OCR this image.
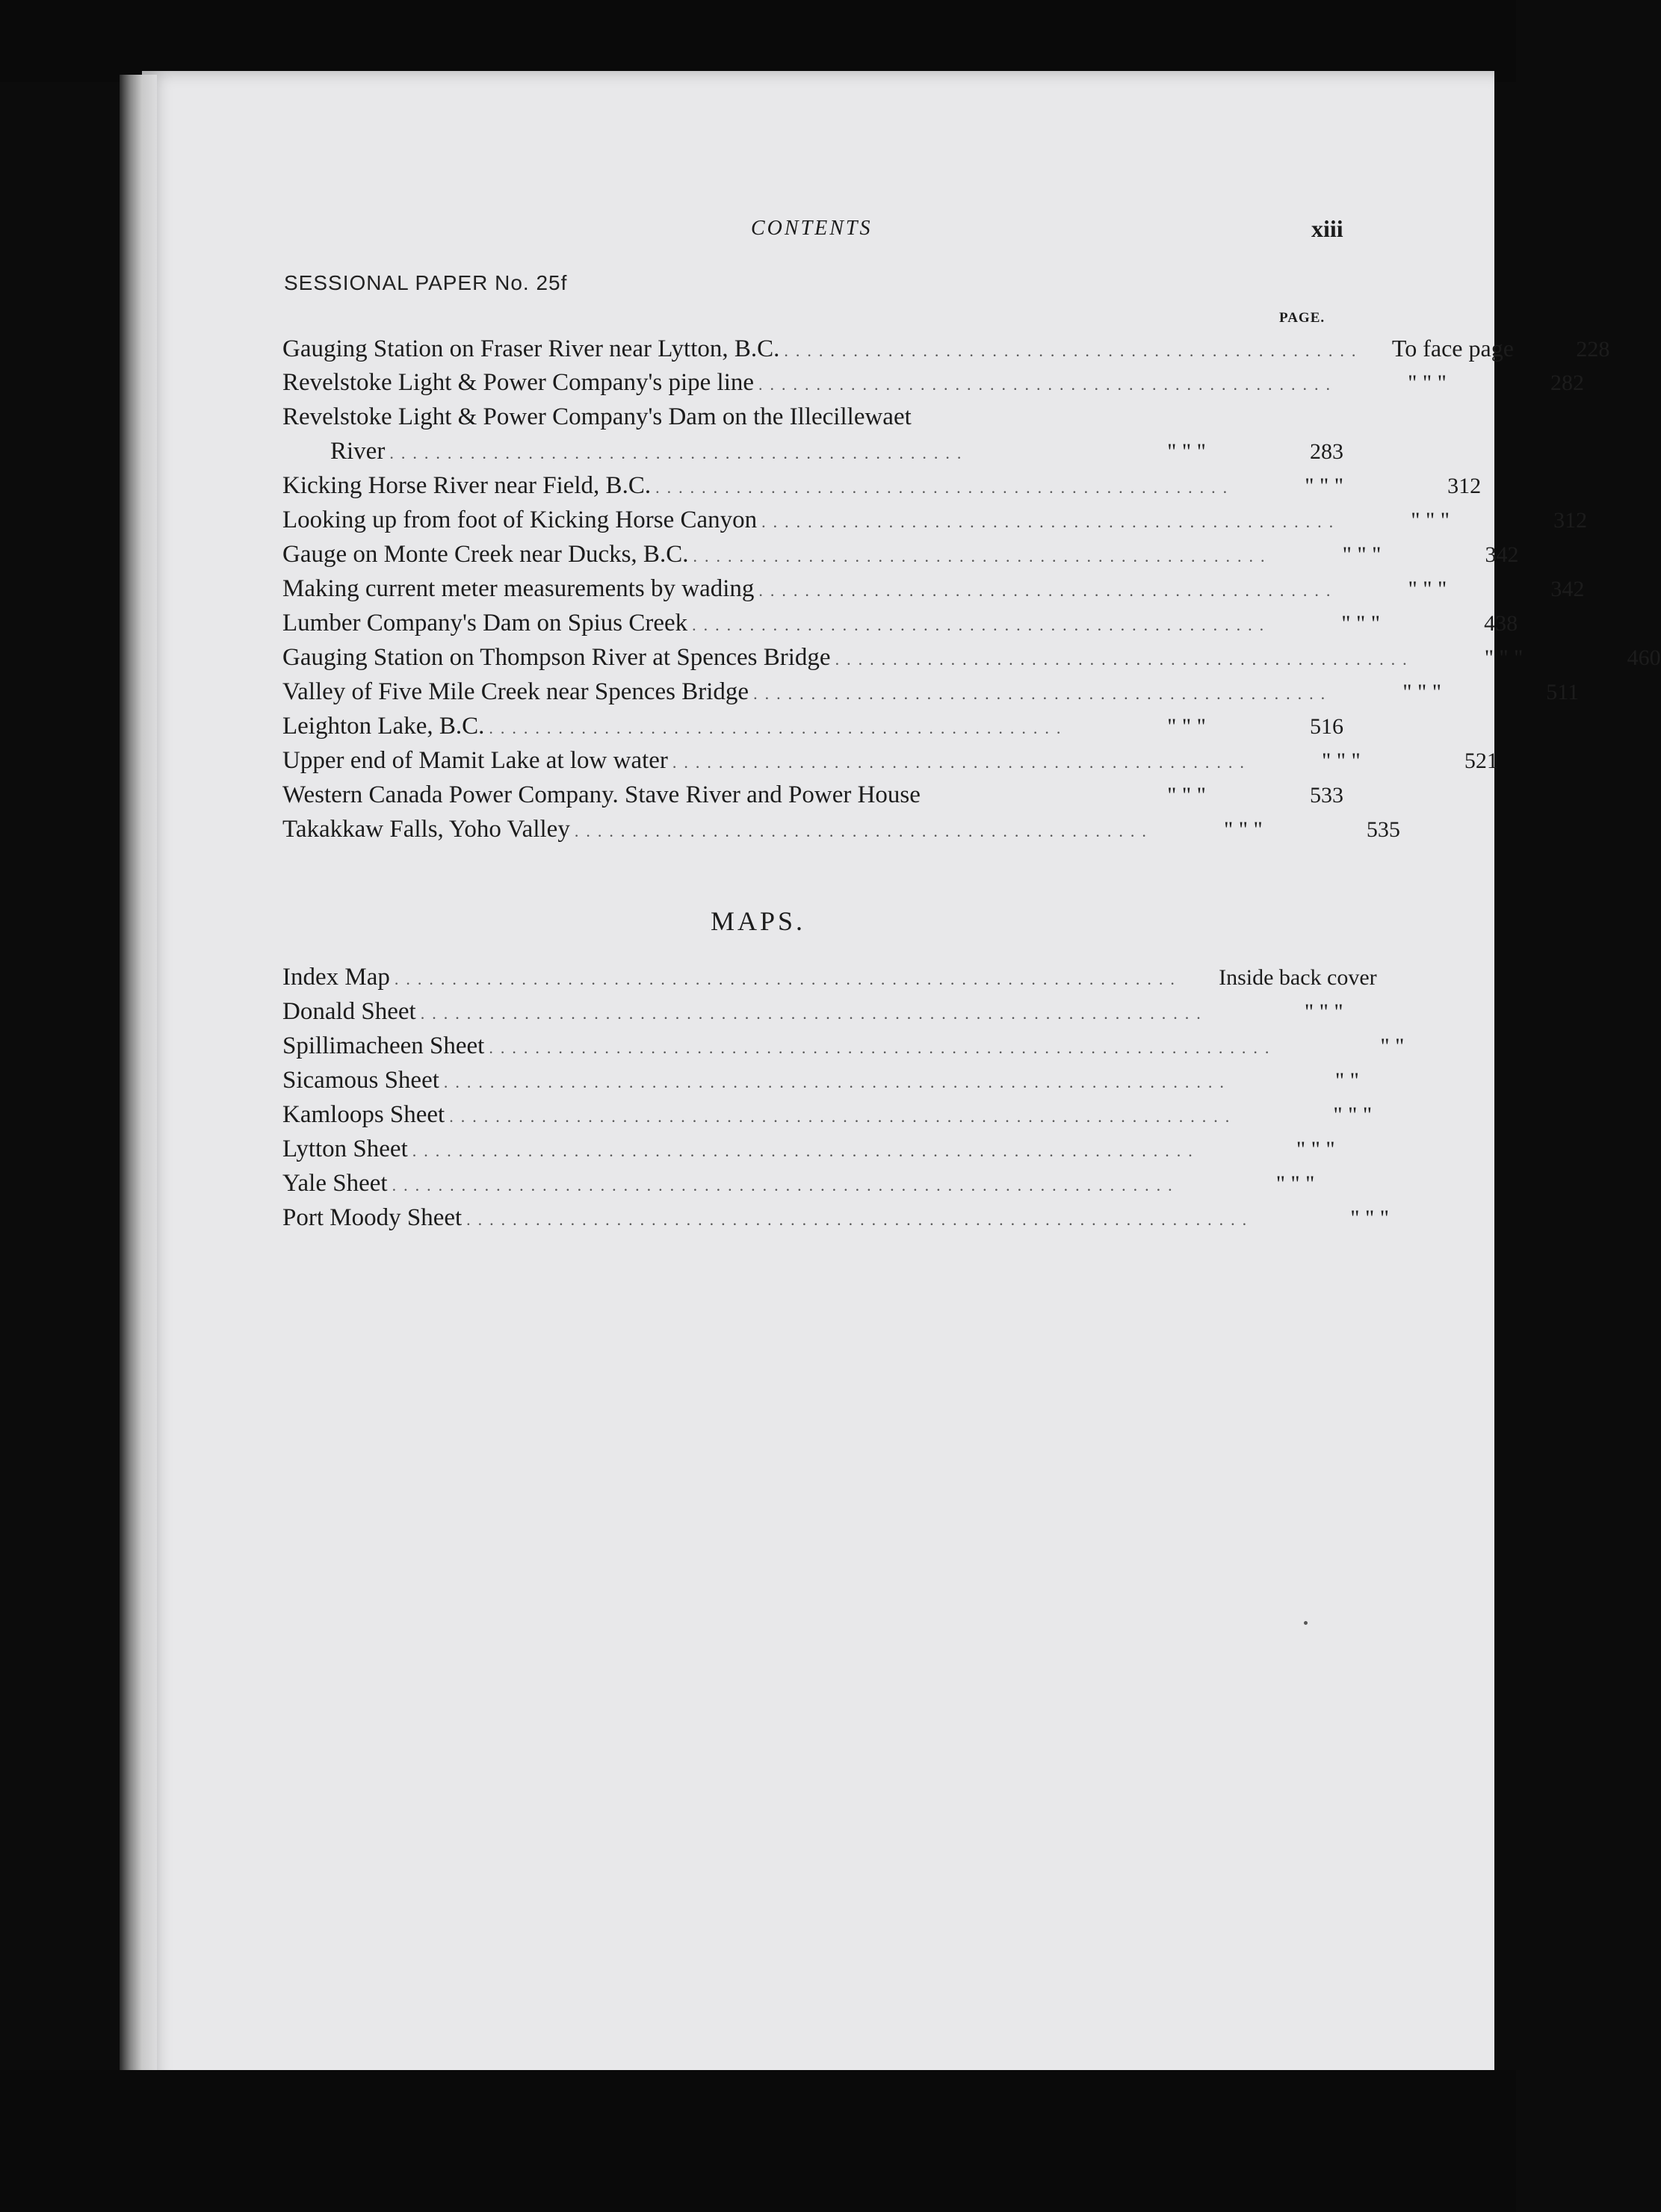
CONTENTS	xiii
SESSIONAL PAPER No. 25f
PAGE.
Gauging Station on Fraser River near Lytton, B.C. ..................................................	To face page	228
Revelstoke Light & Power Company's pipe line ..................................................	" " "	282
Revelstoke Light & Power Company's Dam on the Illecillewaet
River ..................................................	" " "	283
Kicking Horse River near Field, B.C. ..................................................	" " "	312
Looking up from foot of Kicking Horse Canyon ..................................................	" " "	312
Gauge on Monte Creek near Ducks, B.C. ..................................................	" " "	342
Making current meter measurements by wading ..................................................	" " "	342
Lumber Company's Dam on Spius Creek ..................................................	" " "	438
Gauging Station on Thompson River at Spences Bridge ..................................................	" " "	460
Valley of Five Mile Creek near Spences Bridge ..................................................	" " "	511
Leighton Lake, B.C. ..................................................	" " "	516
Upper end of Mamit Lake at low water ..................................................	" " "	521
Western Canada Power Company. Stave River and Power House	" " "	533
Takakkaw Falls, Yoho Valley ..................................................	" " "	535
MAPS.
Index Map ....................................................................	Inside back cover
Donald Sheet ....................................................................	" " "
Spillimacheen Sheet ....................................................................	" "
Sicamous Sheet ....................................................................	" "
Kamloops Sheet ....................................................................	" " "
Lytton Sheet ....................................................................	" " "
Yale Sheet ....................................................................	" " "
Port Moody Sheet ....................................................................	" " "
